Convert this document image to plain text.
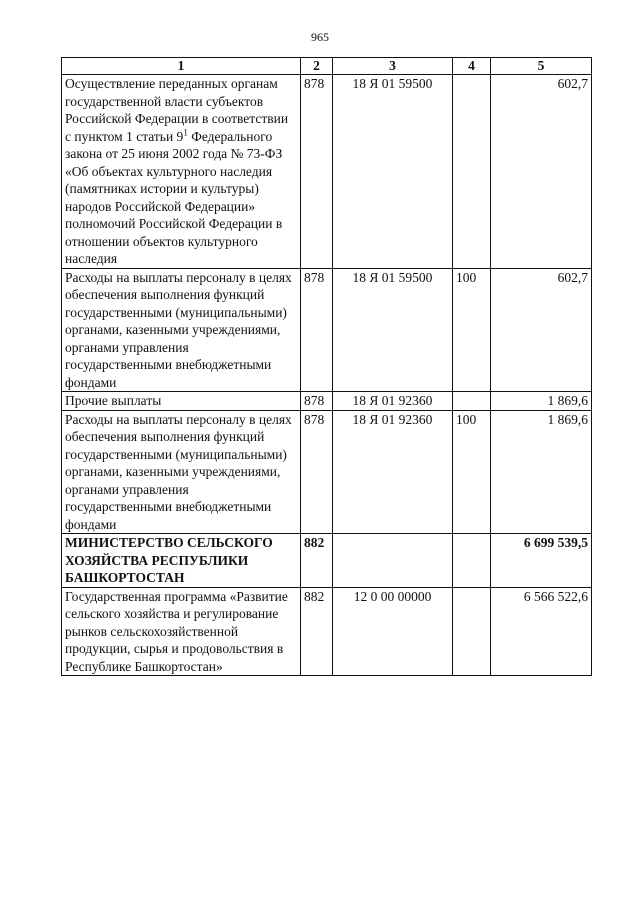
965
1	2	3	4	5
Осуществление переданных органам государственной власти субъектов Российской Федерации в соответствии с пунктом 1 статьи $9^1$ Федерального закона от 25 июня 2002 года № 73-ФЗ «Об объектах культурного наследия (памятниках истории и культуры) народов Российской Федерации» полномочий Российской Федерации в отношении объектов культурного наследия	878	18 Я 01 59500		602,7
Расходы на выплаты персоналу в целях обеспечения выполнения функций государственными (муниципальными) органами, казенными учреждениями, органами управления государственными внебюджетными фондами	878	18 Я 01 59500	100	602,7
Прочие выплаты	878	18 Я 01 92360		1 869,6
Расходы на выплаты персоналу в целях обеспечения выполнения функций государственными (муниципальными) органами, казенными учреждениями, органами управления государственными внебюджетными фондами	878	18 Я 01 92360	100	1 869,6
МИНИСТЕРСТВО СЕЛЬСКОГО ХОЗЯЙСТВА РЕСПУБЛИКИ БАШКОРТОСТАН	882			6 699 539,5
Государственная программа «Развитие сельского хозяйства и регулирование рынков сельскохозяйственной продукции, сырья и продовольствия в Республике Башкортостан»	882	12 0 00 00000		6 566 522,6
